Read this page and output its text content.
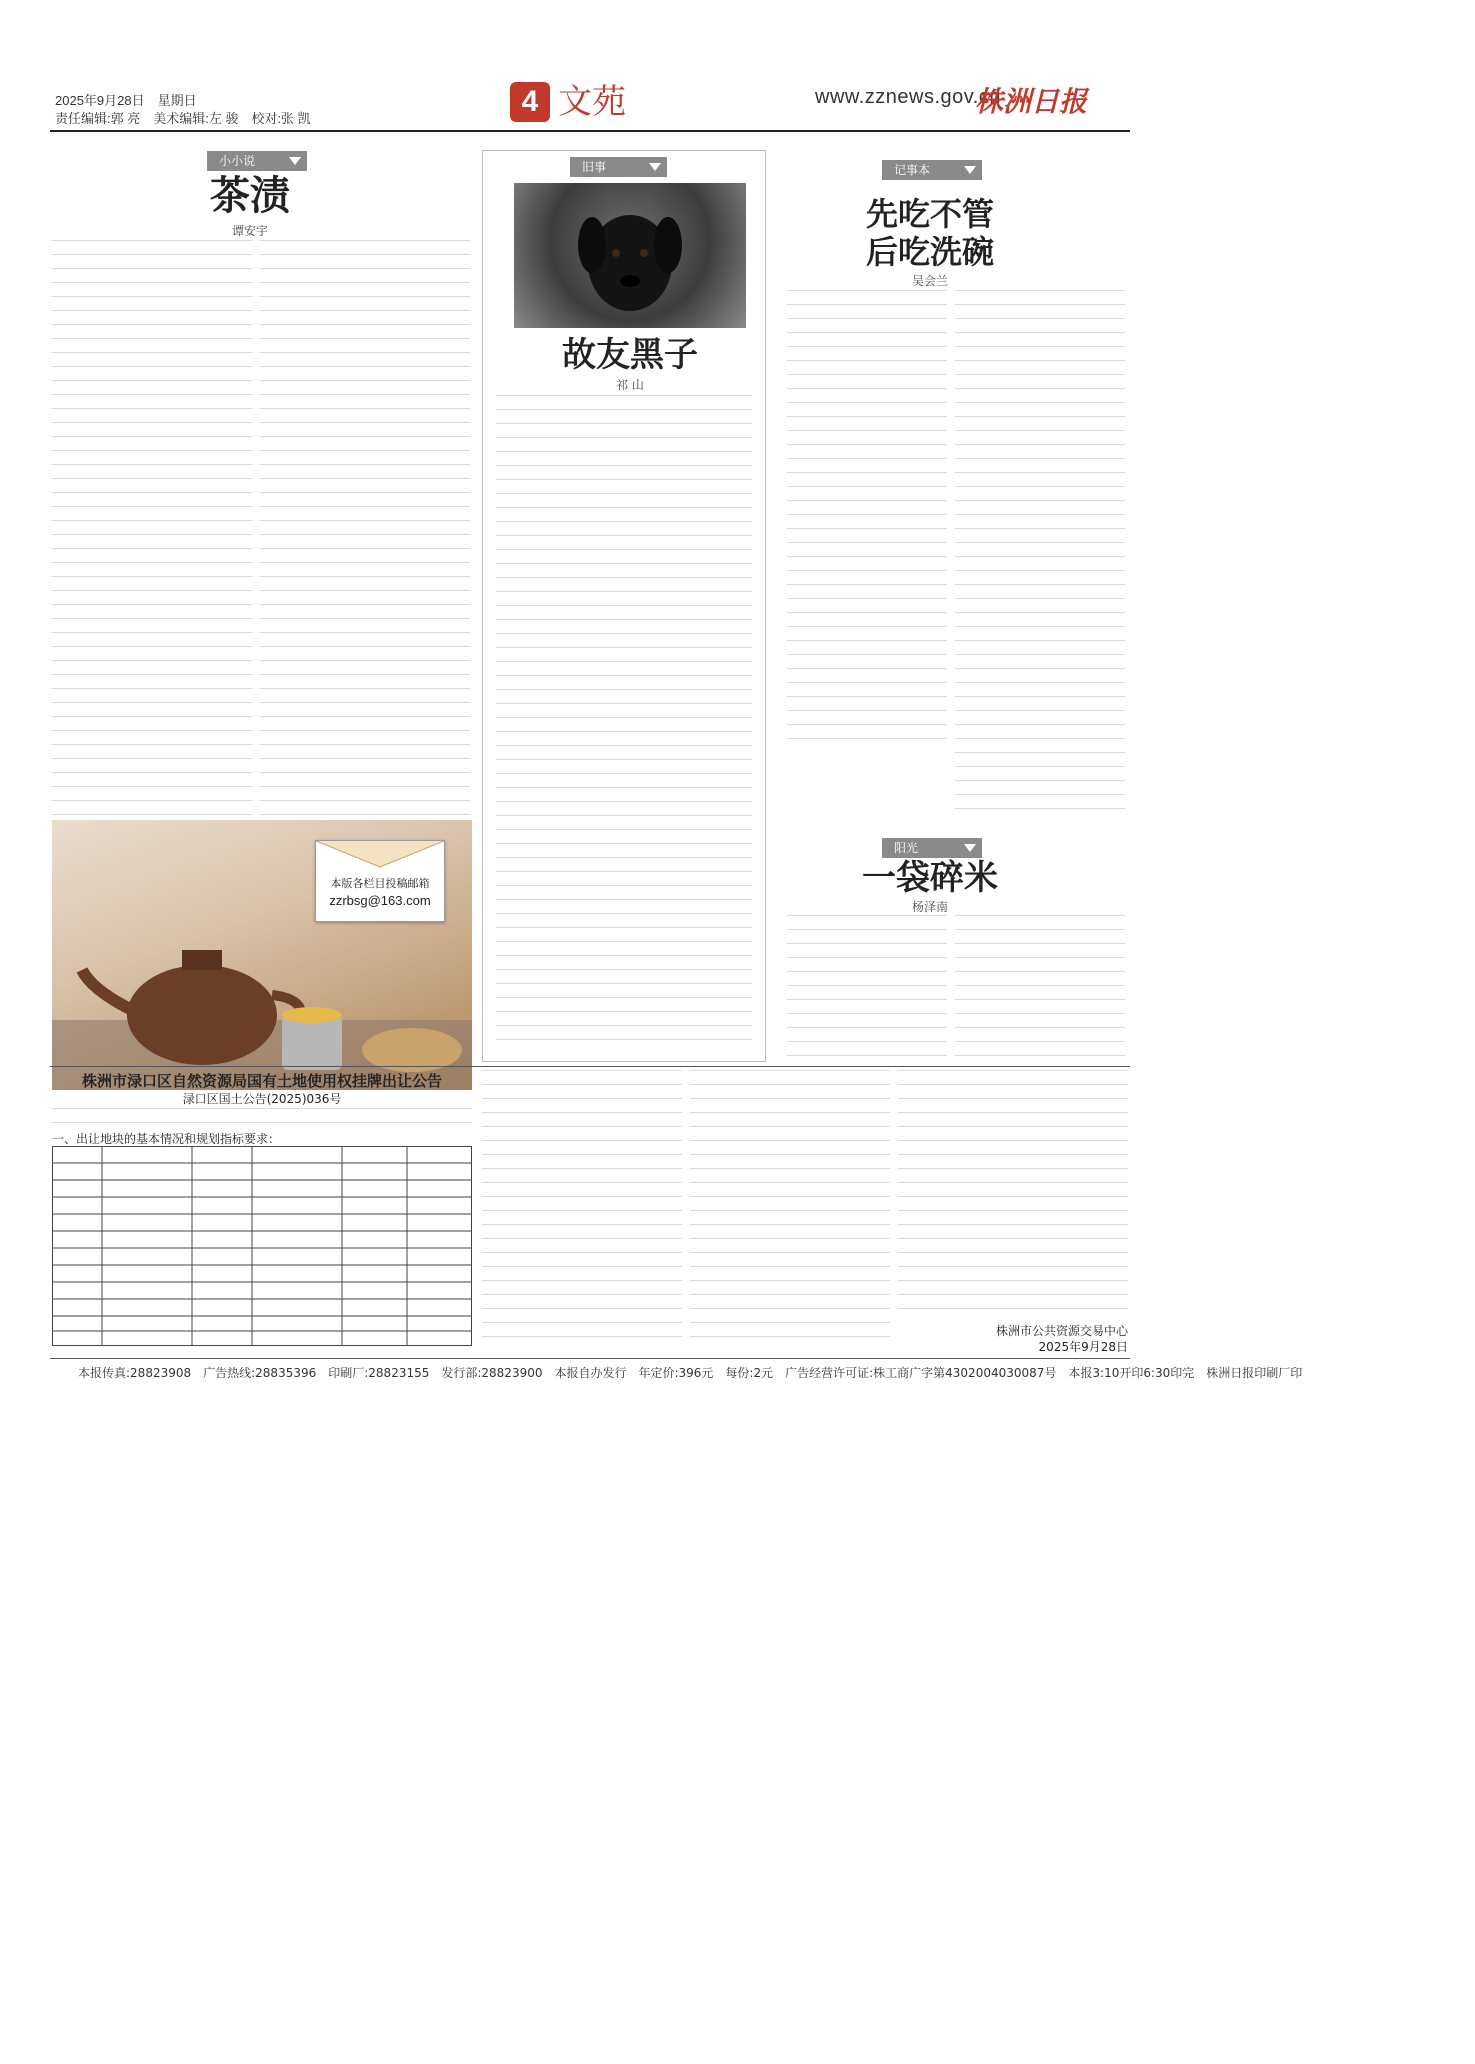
2025年9月28日　星期日
责任编辑:郭 亮　美术编辑:左 骏　校对:张 凯
4 文苑	www.zznews.gov.cn
株洲日报
小小说
茶渍
谭安宇
本版各栏目投稿邮箱
zzrbsg@163.com
旧事
故友黑子
祁 山
记事本
先吃不管
后吃洗碗
吴会兰
阳光
一袋碎米
杨泽南
株洲市渌口区自然资源局国有土地使用权挂牌出让公告
渌口区国土公告(2025)036号
一、出让地块的基本情况和规划指标要求：
株洲市公共资源交易中心
2025年9月28日
本报传真:28823908　广告热线:28835396　印刷厂:28823155　发行部:28823900　本报自办发行　年定价:396元　每份:2元　广告经营许可证:株工商广字第4302004030087号　本报3:10开印6:30印完　株洲日报印刷厂印
